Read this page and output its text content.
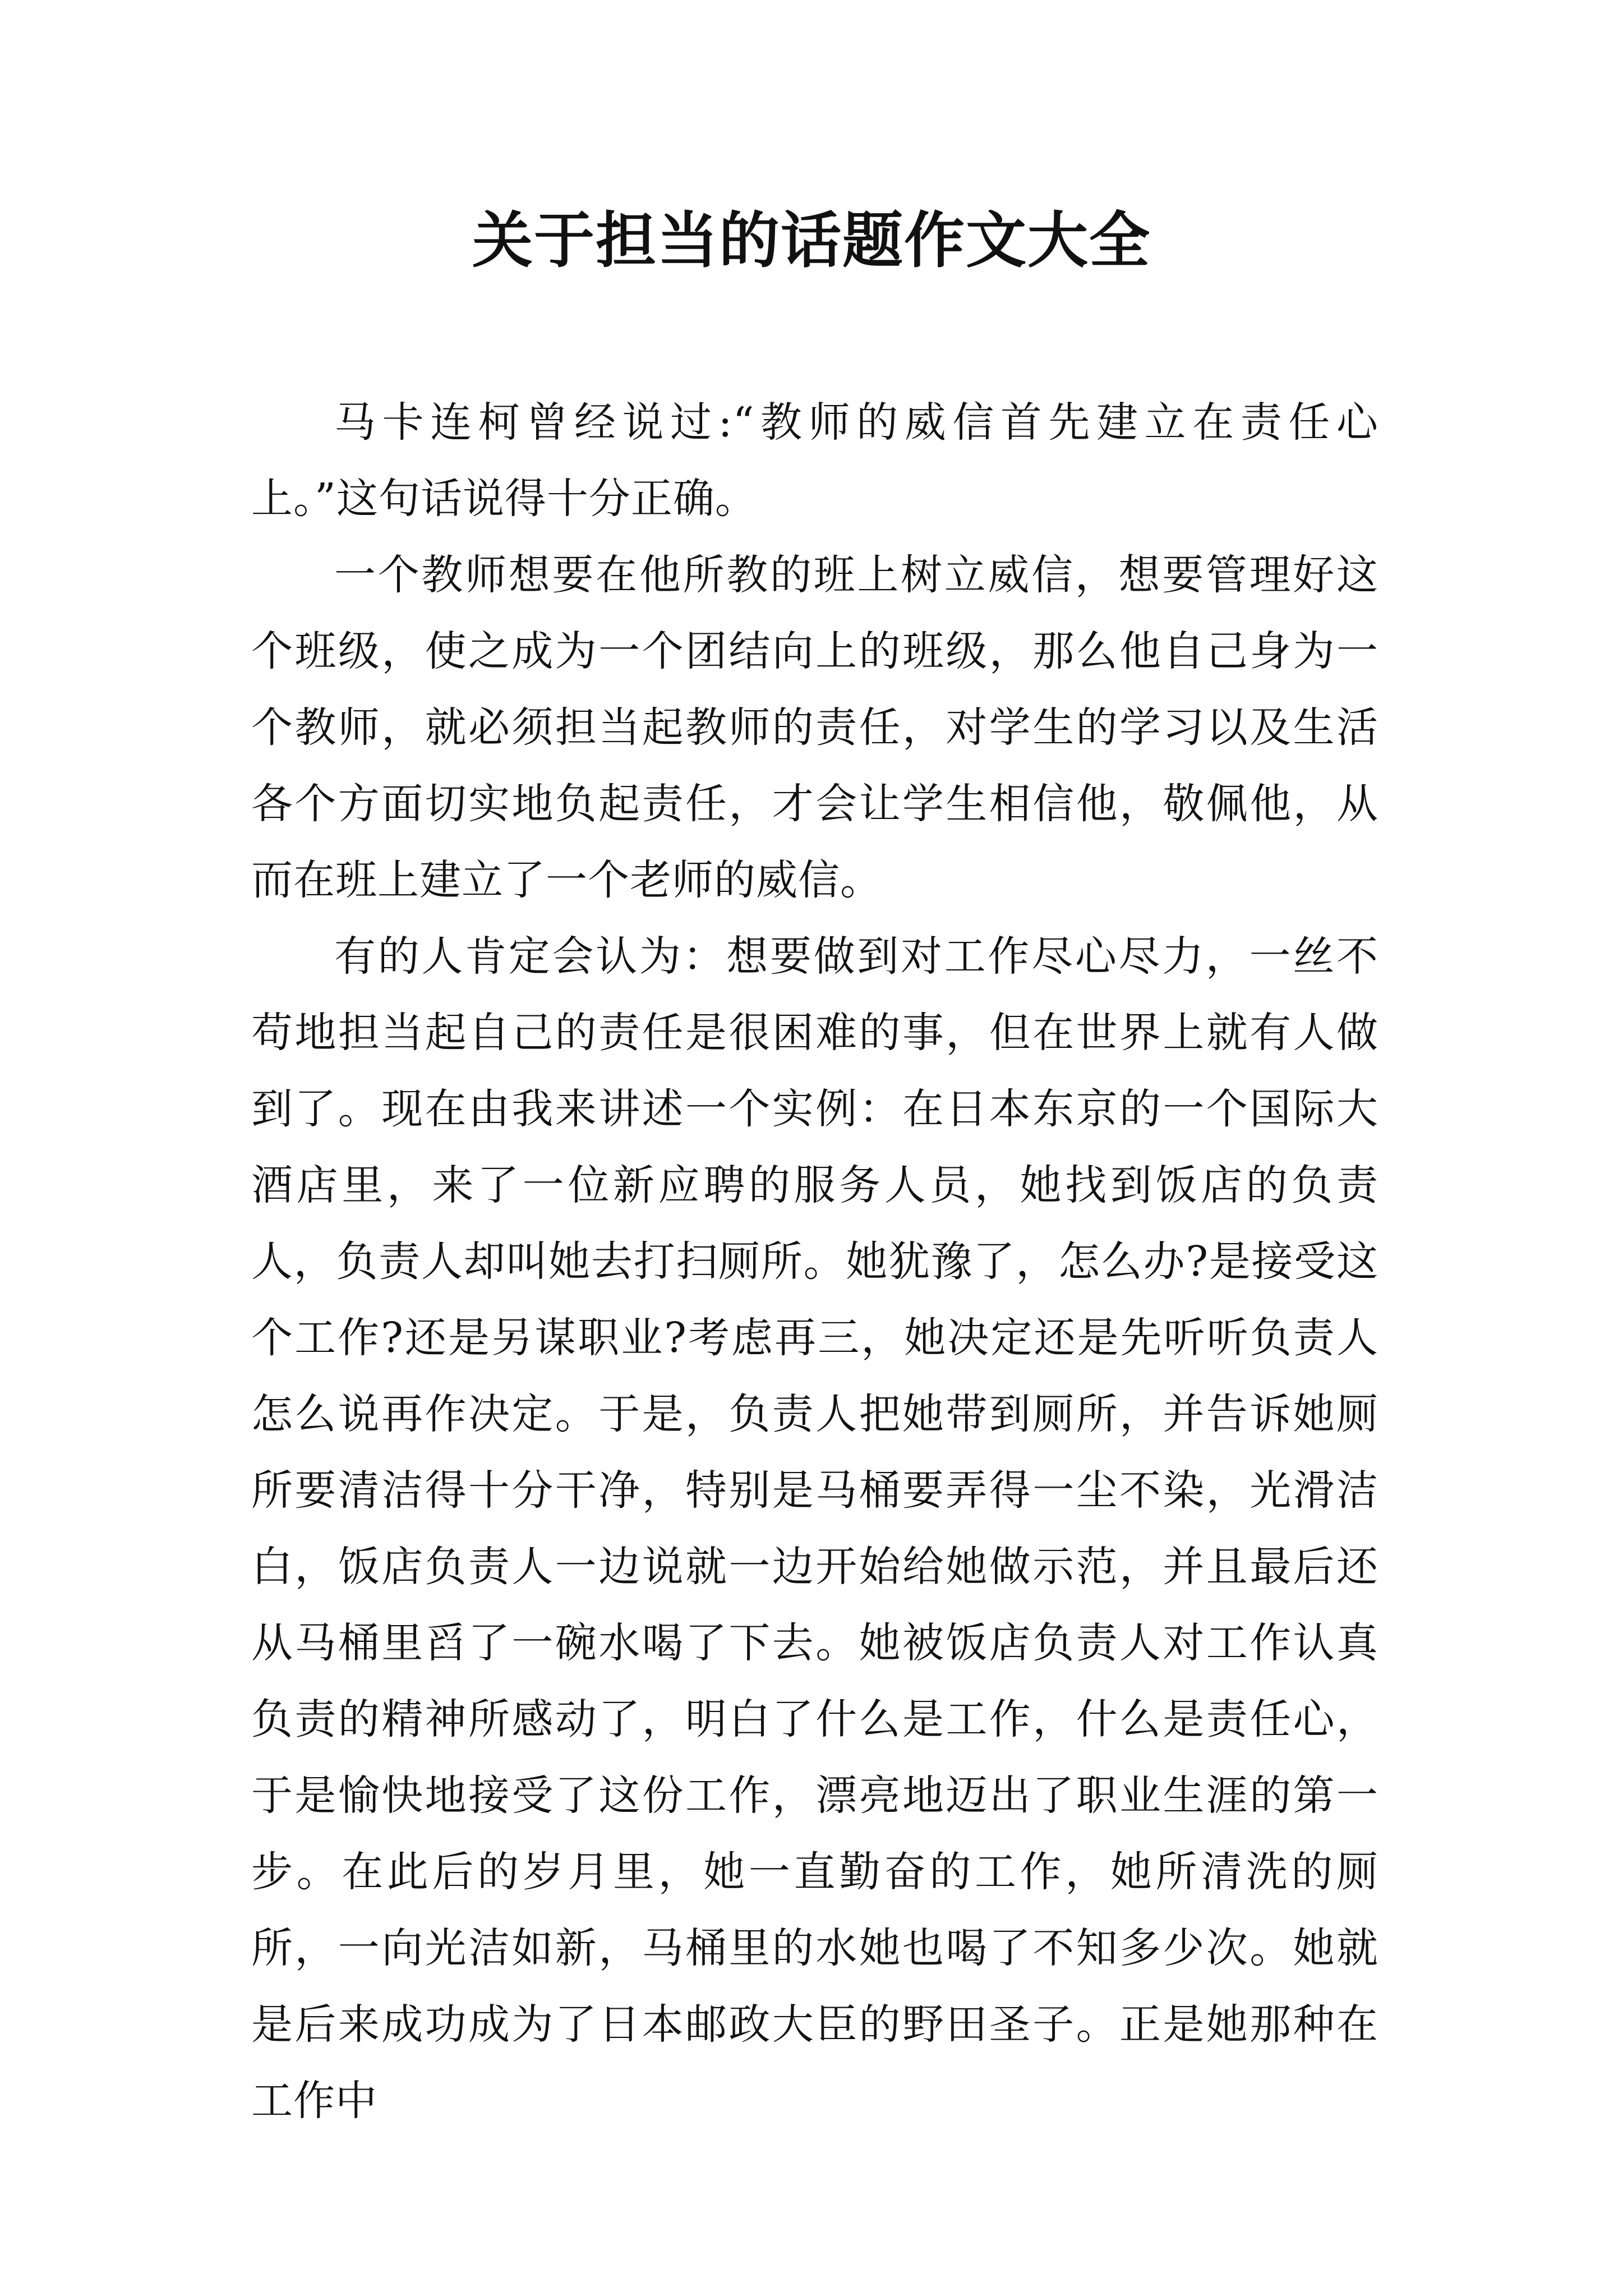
关于担当的话题作文大全

马卡连柯曾经说过:“教师的威信首先建立在责任心上。”这句话说得十分正确。

一个教师想要在他所教的班上树立威信，想要管理好这个班级，使之成为一个团结向上的班级，那么他自己身为一个教师，就必须担当起教师的责任，对学生的学习以及生活各个方面切实地负起责任，才会让学生相信他，敬佩他，从而在班上建立了一个老师的威信。

有的人肯定会认为：想要做到对工作尽心尽力，一丝不苟地担当起自己的责任是很困难的事，但在世界上就有人做到了。现在由我来讲述一个实例：在日本东京的一个国际大酒店里，来了一位新应聘的服务人员，她找到饭店的负责人，负责人却叫她去打扫厕所。她犹豫了，怎么办?是接受这个工作?还是另谋职业?考虑再三，她决定还是先听听负责人怎么说再作决定。于是，负责人把她带到厕所，并告诉她厕所要清洁得十分干净，特别是马桶要弄得一尘不染，光滑洁白，饭店负责人一边说就一边开始给她做示范，并且最后还从马桶里舀了一碗水喝了下去。她被饭店负责人对工作认真负责的精神所感动了，明白了什么是工作，什么是责任心，于是愉快地接受了这份工作，漂亮地迈出了职业生涯的第一步。在此后的岁月里，她一直勤奋的工作，她所清洗的厕所，一向光洁如新，马桶里的水她也喝了不知多少次。她就是后来成功成为了日本邮政大臣的野田圣子。正是她那种在工作中
